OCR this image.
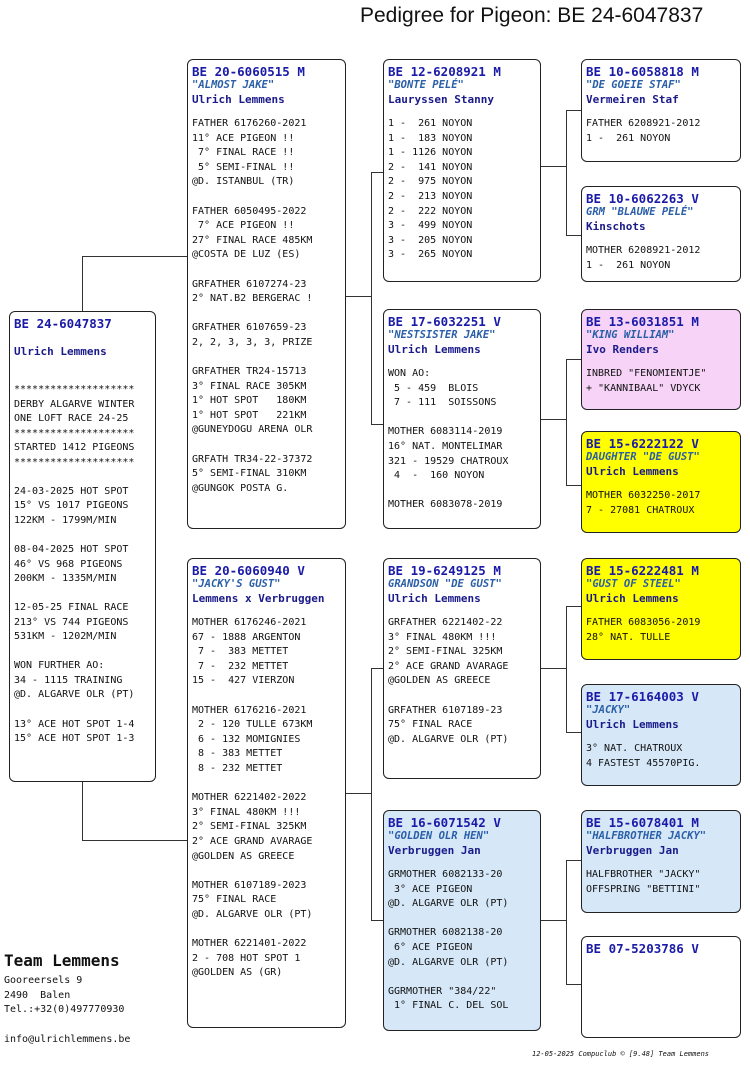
Pedigree for Pigeon: BE 24-6047837
BE 24-6047837
Ulrich Lemmens
********************
DERBY ALGARVE WINTER
ONE LOFT RACE 24-25
********************
STARTED 1412 PIGEONS
********************

24-03-2025 HOT SPOT
15° VS 1017 PIGEONS
122KM - 1799M/MIN

08-04-2025 HOT SPOT
46° VS 968 PIGEONS
200KM - 1335M/MIN

12-05-25 FINAL RACE
213° VS 744 PIGEONS
531KM - 1202M/MIN

WON FURTHER AO:
34 - 1115 TRAINING
@D. ALGARVE OLR (PT)

13° ACE HOT SPOT 1-4
15° ACE HOT SPOT 1-3
BE 20-6060515 M
"ALMOST JAKE"
Ulrich Lemmens
FATHER 6176260-2021
11° ACE PIGEON !!
7° FINAL RACE !!
5° SEMI-FINAL !!
@D. ISTANBUL (TR)

FATHER 6050495-2022
7° ACE PIGEON !!
27° FINAL RACE 485KM
@COSTA DE LUZ (ES)

GRFATHER 6107274-23
2° NAT.B2 BERGERAC !

GRFATHER 6107659-23
2, 2, 3, 3, 3, PRIZE

GRFATHER TR24-15713
3° FINAL RACE 305KM
1° HOT SPOT   180KM
1° HOT SPOT   221KM
@GUNEYDOGU ARENA OLR

GRFATH TR34-22-37372
5° SEMI-FINAL 310KM
@GUNGOK POSTA G.
BE 20-6060940 V
"JACKY'S GUST"
Lemmens x Verbruggen
MOTHER 6176246-2021
67 - 1888 ARGENTON
7 -  383 METTET
7 -  232 METTET
15 -  427 VIERZON

MOTHER 6176216-2021
2 - 120 TULLE 673KM
6 - 132 MOMIGNIES
8 - 383 METTET
8 - 232 METTET

MOTHER 6221402-2022
3° FINAL 480KM !!!
2° SEMI-FINAL 325KM
2° ACE GRAND AVARAGE
@GOLDEN AS GREECE

MOTHER 6107189-2023
75° FINAL RACE
@D. ALGARVE OLR (PT)

MOTHER 6221401-2022
2 - 708 HOT SPOT 1
@GOLDEN AS (GR)
BE 12-6208921 M
"BONTE PELÉ"
Lauryssen Stanny
1 -  261 NOYON
1 -  183 NOYON
1 - 1126 NOYON
2 -  141 NOYON
2 -  975 NOYON
2 -  213 NOYON
2 -  222 NOYON
3 -  499 NOYON
3 -  205 NOYON
3 -  265 NOYON
BE 17-6032251 V
"NESTSISTER JAKE"
Ulrich Lemmens
WON AO:
5 - 459  BLOIS
7 - 111  SOISSONS

MOTHER 6083114-2019
16° NAT. MONTELIMAR
321 - 19529 CHATROUX
4  -  160 NOYON

MOTHER 6083078-2019
BE 19-6249125 M
GRANDSON "DE GUST"
Ulrich Lemmens
GRFATHER 6221402-22
3° FINAL 480KM !!!
2° SEMI-FINAL 325KM
2° ACE GRAND AVARAGE
@GOLDEN AS GREECE

GRFATHER 6107189-23
75° FINAL RACE
@D. ALGARVE OLR (PT)
BE 16-6071542 V
"GOLDEN OLR HEN"
Verbruggen Jan
GRMOTHER 6082133-20
3° ACE PIGEON
@D. ALGARVE OLR (PT)

GRMOTHER 6082138-20
6° ACE PIGEON
@D. ALGARVE OLR (PT)

GGRMOTHER "384/22"
1° FINAL C. DEL SOL
BE 10-6058818 M
"DE GOEIE STAF"
Vermeiren Staf
FATHER 6208921-2012
1 -  261 NOYON
BE 10-6062263 V
GRM "BLAUWE PELÉ"
Kinschots
MOTHER 6208921-2012
1 -  261 NOYON
BE 13-6031851 M
"KING WILLIAM"
Ivo Renders
INBRED "FENOMIENTJE"
+ "KANNIBAAL" VDYCK
BE 15-6222122 V
DAUGHTER "DE GUST"
Ulrich Lemmens
MOTHER 6032250-2017
7 - 27081 CHATROUX
BE 15-6222481 M
"GUST OF STEEL"
Ulrich Lemmens
FATHER 6083056-2019
28° NAT. TULLE
BE 17-6164003 V
"JACKY"
Ulrich Lemmens
3° NAT. CHATROUX
4 FASTEST 45570PIG.
BE 15-6078401 M
"HALFBROTHER JACKY"
Verbruggen Jan
HALFBROTHER "JACKY"
OFFSPRING "BETTINI"
BE 07-5203786 V
Team Lemmens
Gooreersels 9
2490  Balen
Tel.:+32(0)497770930
info@ulrichlemmens.be
12-05-2025 Compuclub © [9.48] Team Lemmens
